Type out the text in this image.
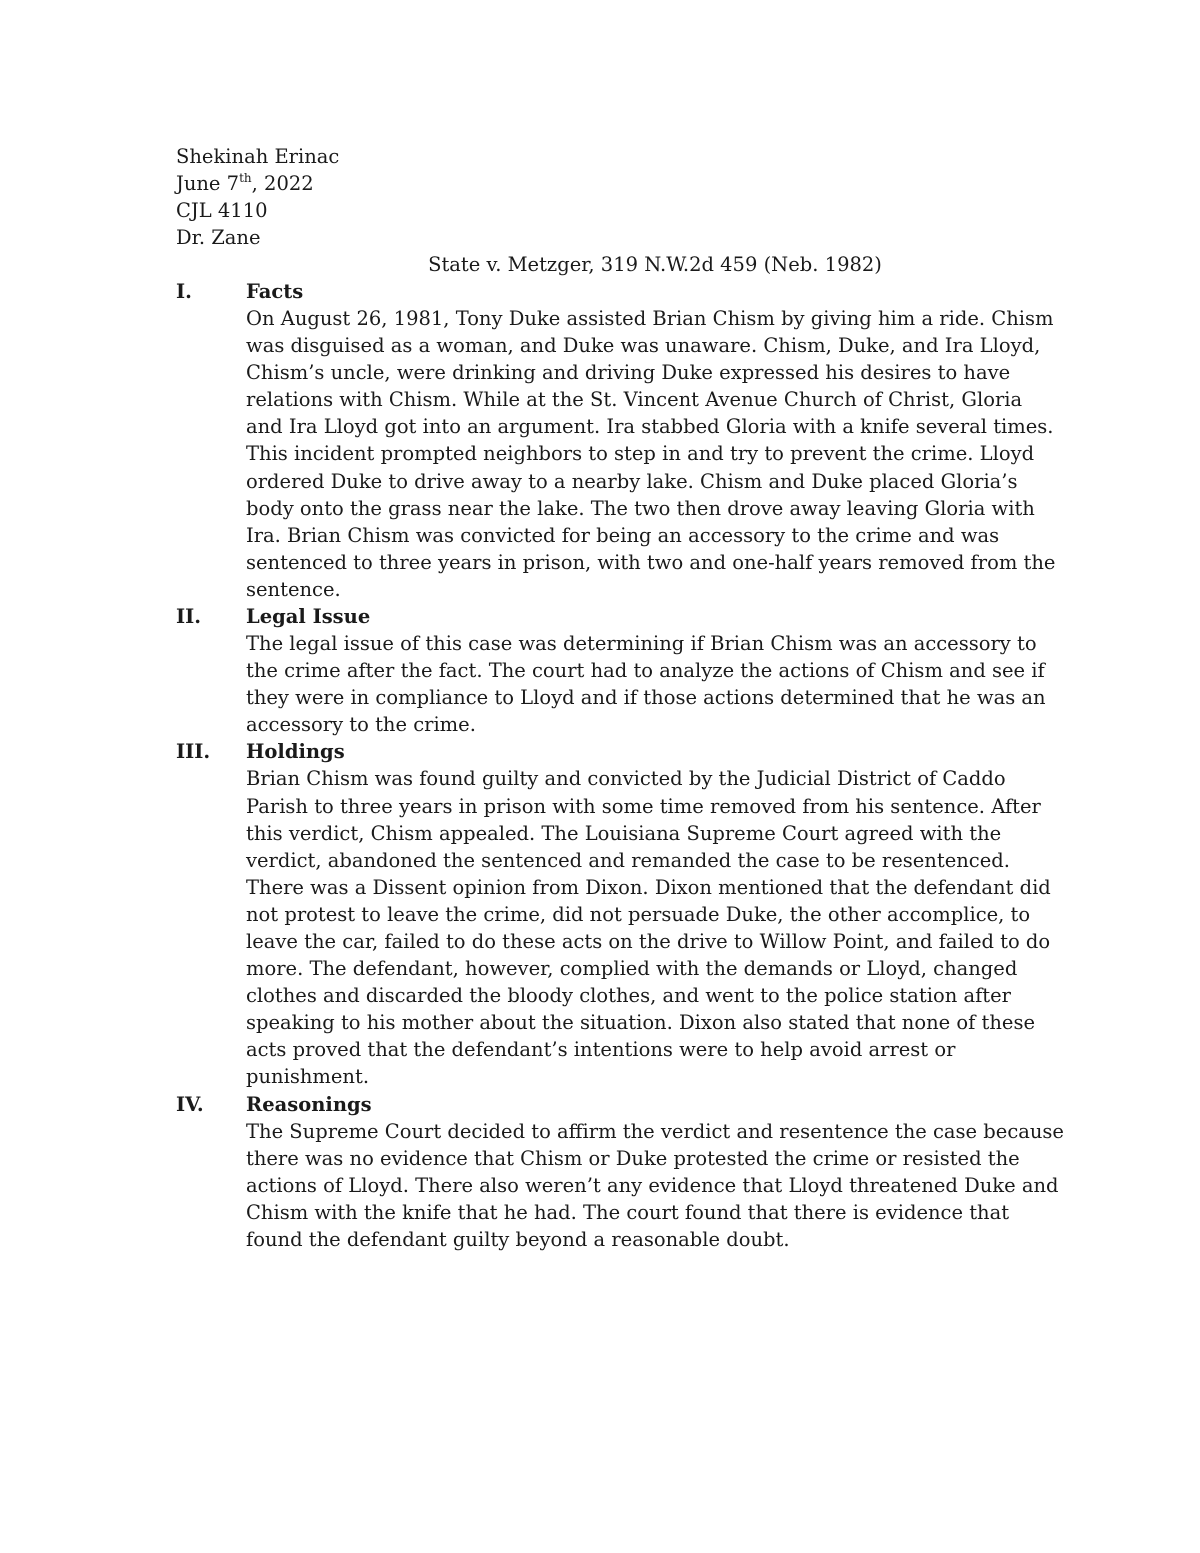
Shekinah Erinac
June 7th, 2022
CJL 4110
Dr. Zane
State v. Metzger, 319 N.W.2d 459 (Neb. 1982)
I.	Facts
On August 26, 1981, Tony Duke assisted Brian Chism by giving him a ride. Chism was disguised as a woman, and Duke was unaware. Chism, Duke, and Ira Lloyd, Chism’s uncle, were drinking and driving Duke expressed his desires to have relations with Chism. While at the St. Vincent Avenue Church of Christ, Gloria and Ira Lloyd got into an argument. Ira stabbed Gloria with a knife several times. This incident prompted neighbors to step in and try to prevent the crime. Lloyd ordered Duke to drive away to a nearby lake. Chism and Duke placed Gloria’s body onto the grass near the lake. The two then drove away leaving Gloria with Ira. Brian Chism was convicted for being an accessory to the crime and was sentenced to three years in prison, with two and one-half years removed from the sentence.
II. Legal Issue
The legal issue of this case was determining if Brian Chism was an accessory to the crime after the fact. The court had to analyze the actions of Chism and see if they were in compliance to Lloyd and if those actions determined that he was an accessory to the crime.
III. Holdings
Brian Chism was found guilty and convicted by the Judicial District of Caddo Parish to three years in prison with some time removed from his sentence. After this verdict, Chism appealed. The Louisiana Supreme Court agreed with the verdict, abandoned the sentenced and remanded the case to be resentenced. There was a Dissent opinion from Dixon. Dixon mentioned that the defendant did not protest to leave the crime, did not persuade Duke, the other accomplice, to leave the car, failed to do these acts on the drive to Willow Point, and failed to do more. The defendant, however, complied with the demands or Lloyd, changed clothes and discarded the bloody clothes, and went to the police station after speaking to his mother about the situation. Dixon also stated that none of these acts proved that the defendant’s intentions were to help avoid arrest or punishment.
IV. Reasonings
The Supreme Court decided to affirm the verdict and resentence the case because there was no evidence that Chism or Duke protested the crime or resisted the actions of Lloyd. There also weren’t any evidence that Lloyd threatened Duke and Chism with the knife that he had. The court found that there is evidence that found the defendant guilty beyond a reasonable doubt.
